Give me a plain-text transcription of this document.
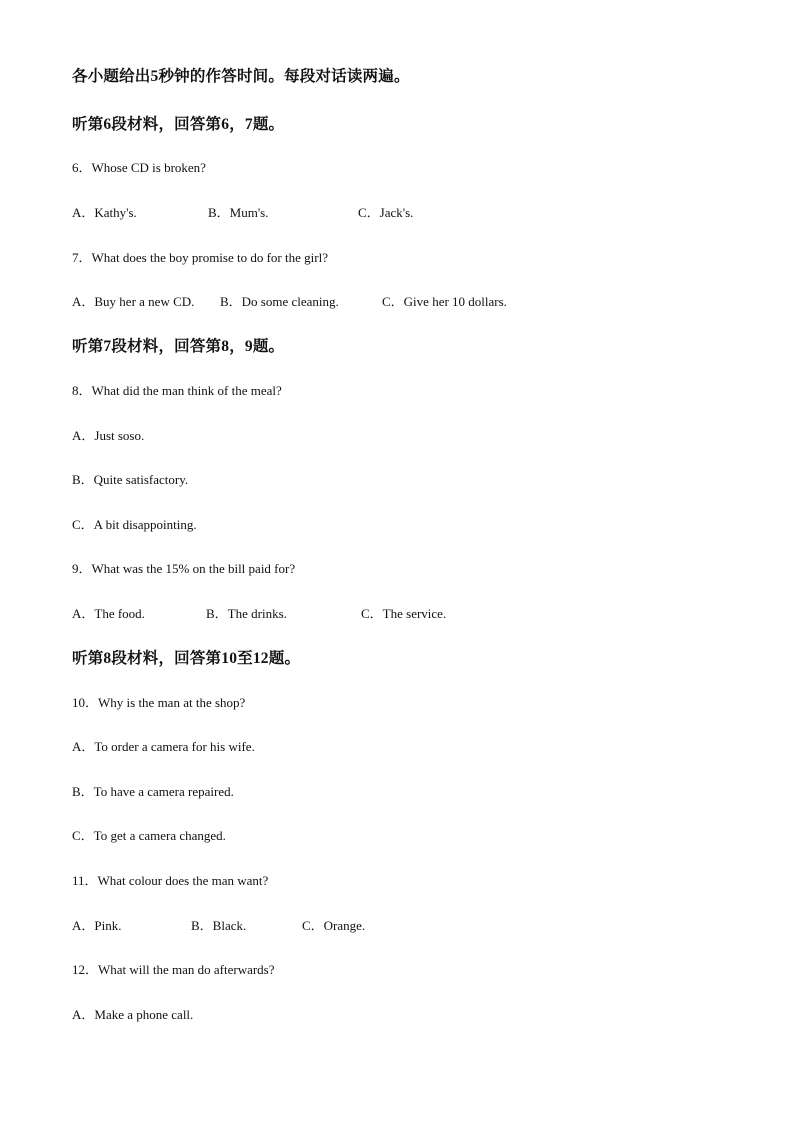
各小题给出5秒钟的作答时间。每段对话读两遍。
听第6段材料，回答第6，7题。
6．Whose CD is broken?
A．Kathy's.	B．Mum's.	C．Jack's.
7．What does the boy promise to do for the girl?
A．Buy her a new CD. B．Do some cleaning.	C．Give her 10 dollars.
听第7段材料，回答第8，9题。
8．What did the man think of the meal?
A．Just soso.
B．Quite satisfactory.
C．A bit disappointing.
9．What was the 15% on the bill paid for?
A．The food.	B．The drinks.	C．The service.
听第8段材料，回答第10至12题。
10．Why is the man at the shop?
A．To order a camera for his wife.
B．To have a camera repaired.
C．To get a camera changed.
11．What colour does the man want?
A．Pink.	B．Black.	C．Orange.
12．What will the man do afterwards?
A．Make a phone call.
